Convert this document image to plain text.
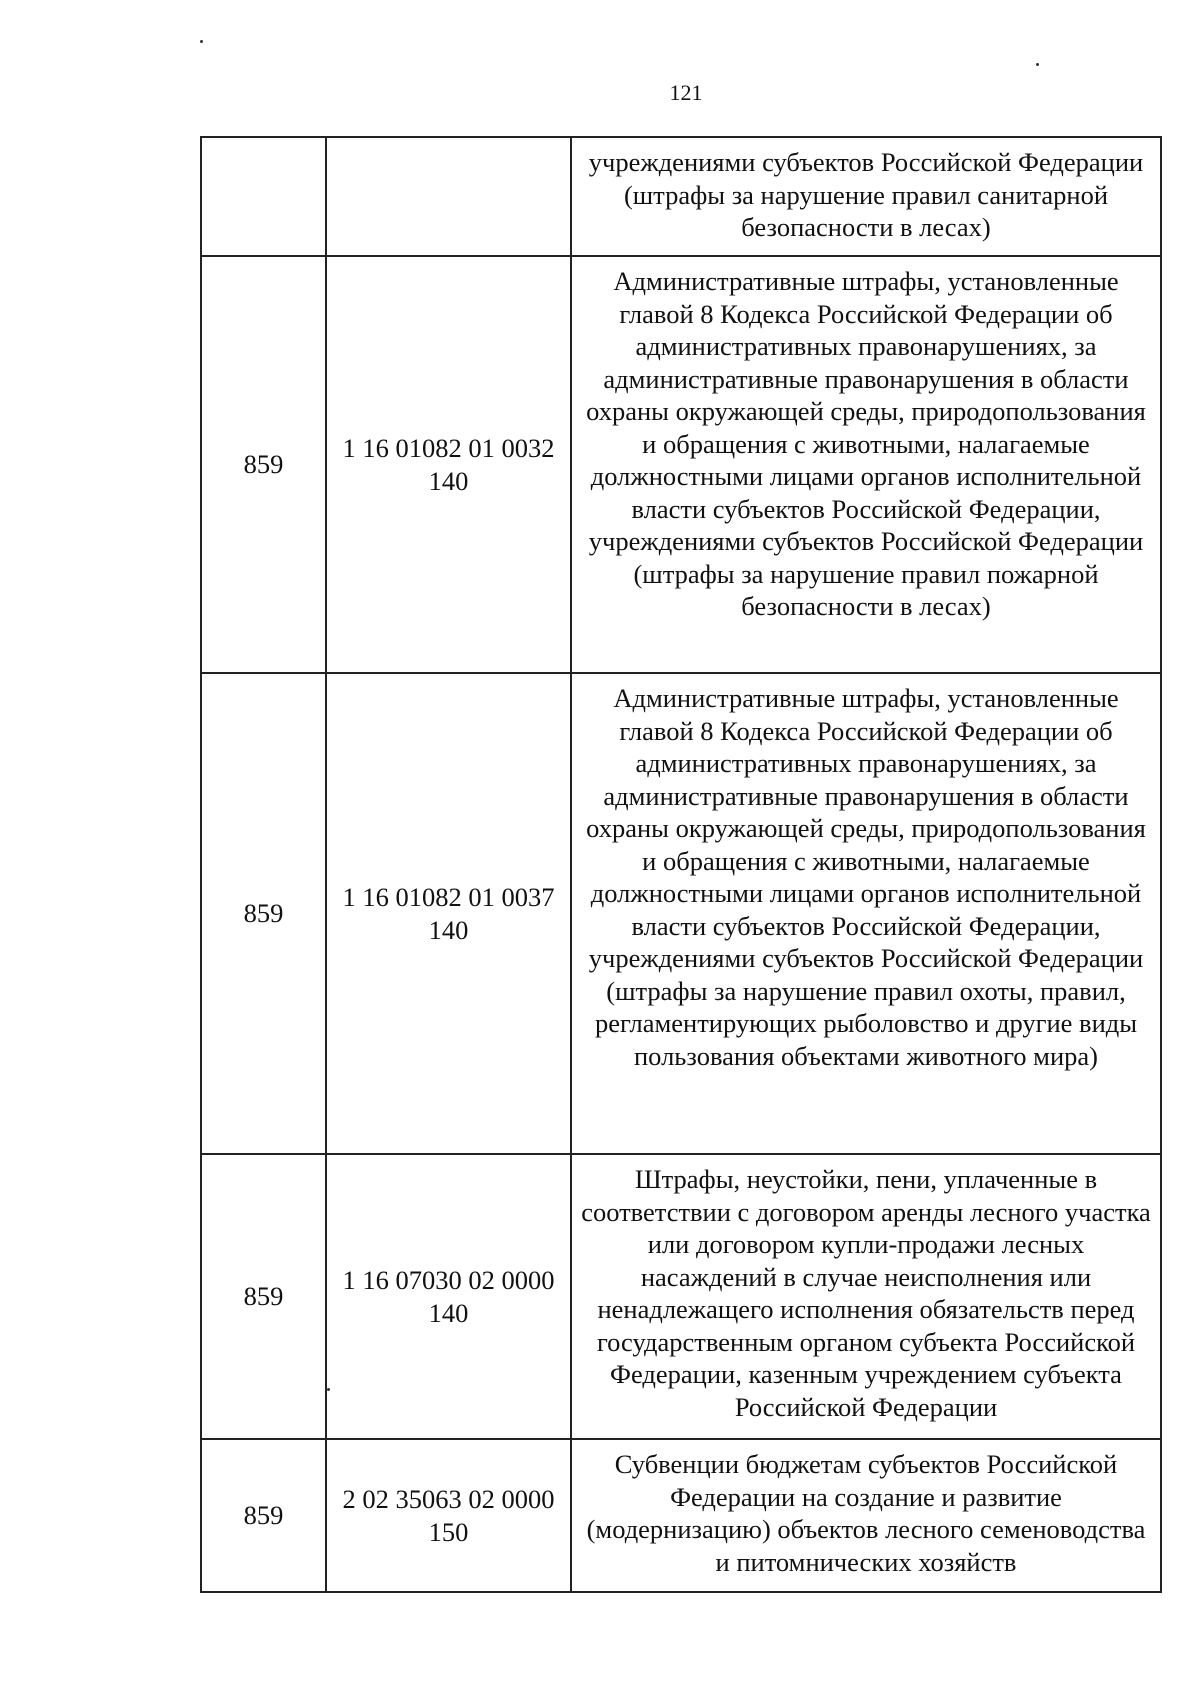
121
		учреждениями субъектов Российской Федерации (штрафы за нарушение правил санитарной безопасности в лесах)
859	1 16 01082 01 0032 140	Административные штрафы, установленные главой 8 Кодекса Российской Федерации об административных правонарушениях, за административные правонарушения в области охраны окружающей среды, природопользования и обращения с животными, налагаемые должностными лицами органов исполнительной власти субъектов Российской Федерации, учреждениями субъектов Российской Федерации (штрафы за нарушение правил пожарной безопасности в лесах)
859	1 16 01082 01 0037 140	Административные штрафы, установленные главой 8 Кодекса Российской Федерации об административных правонарушениях, за административные правонарушения в области охраны окружающей среды, природопользования и обращения с животными, налагаемые должностными лицами органов исполнительной власти субъектов Российской Федерации, учреждениями субъектов Российской Федерации (штрафы за нарушение правил охоты, правил, регламентирующих рыболовство и другие виды пользования объектами животного мира)
859	1 16 07030 02 0000 140	Штрафы, неустойки, пени, уплаченные в соответствии с договором аренды лесного участка или договором купли-продажи лесных насаждений в случае неисполнения или ненадлежащего исполнения обязательств перед государственным органом субъекта Российской Федерации, казенным учреждением субъекта Российской Федерации
859	2 02 35063 02 0000 150	Субвенции бюджетам субъектов Российской Федерации на создание и развитие (модернизацию) объектов лесного семеноводства и питомнических хозяйств
